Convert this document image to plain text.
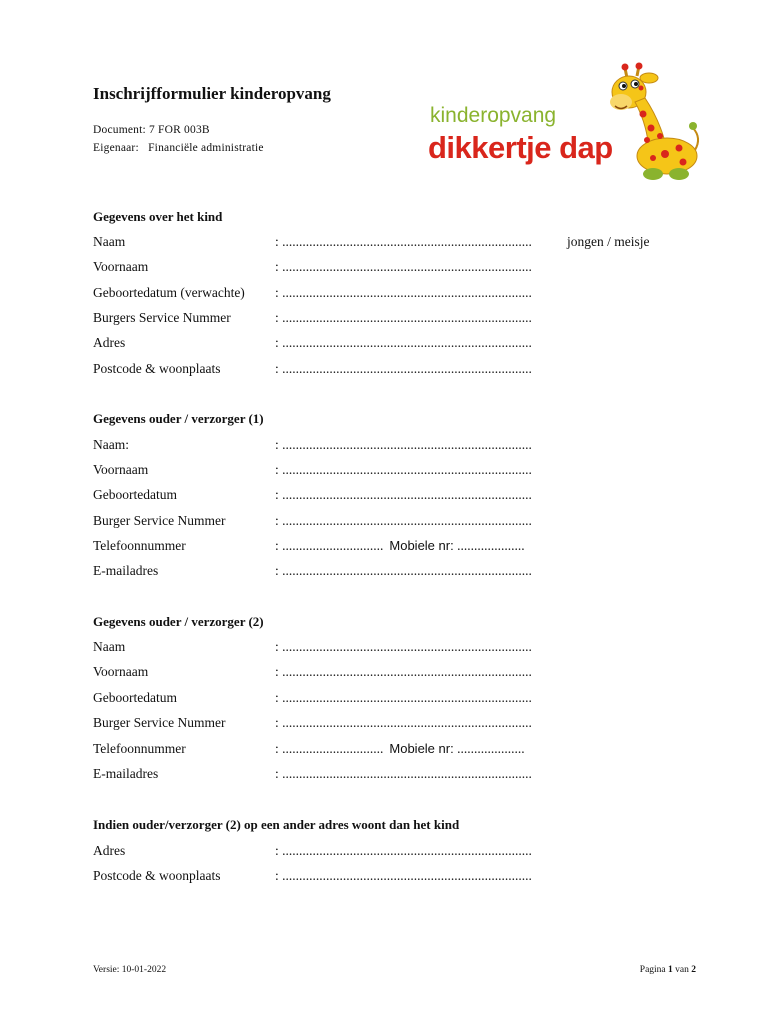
Inschrijfformulier kinderopvang
Document: 7 FOR 003B
Eigenaar:   Financiële administratie
kinderopvang
dikkertje dap
Gegevens over het kind
Naam	: ..........................................................................	jongen / meisje
Voornaam	: ..........................................................................
Geboortedatum (verwachte) : ..........................................................................
Burgers Service Nummer	: ..........................................................................
Adres	: ..........................................................................
Postcode & woonplaats	: ..........................................................................
Gegevens ouder / verzorger (1)
Naam:	: ..........................................................................
Voornaam	: ..........................................................................
Geboortedatum	: ..........................................................................
Burger Service Nummer	: ..........................................................................
Telefoonnummer	: .............................. Mobiele nr: ....................
E-mailadres	: ..........................................................................
Gegevens ouder / verzorger (2)
Naam	: ..........................................................................
Voornaam	: ..........................................................................
Geboortedatum	: ..........................................................................
Burger Service Nummer	: ..........................................................................
Telefoonnummer	: .............................. Mobiele nr: ....................
E-mailadres	: ..........................................................................
Indien ouder/verzorger (2) op een ander adres woont dan het kind
Adres	: ..........................................................................
Postcode & woonplaats	: ..........................................................................
Versie: 10-01-2022	Pagina 1 van 2
